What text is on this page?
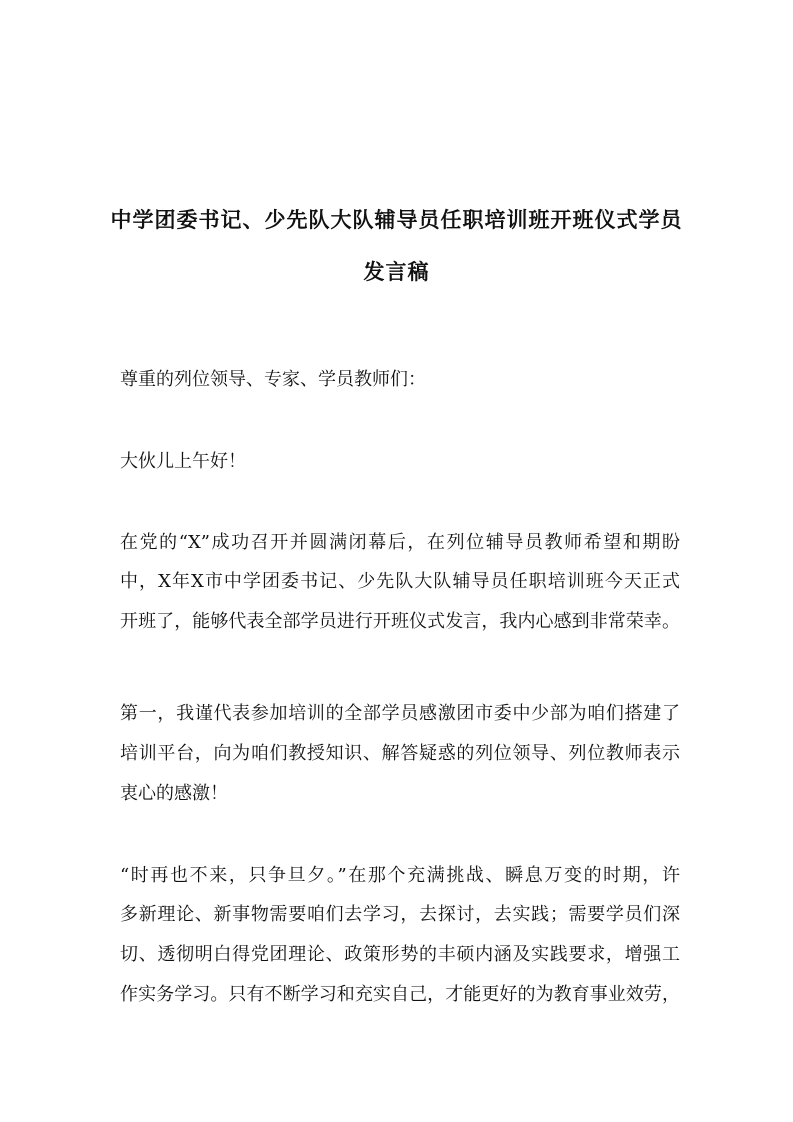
中学团委书记、少先队大队辅导员任职培训班开班仪式学员
发言稿
尊重的列位领导、专家、学员教师们：
大伙儿上午好！
在党的“X”成功召开并圆满闭幕后，在列位辅导员教师希望和期盼
中，X年X市中学团委书记、少先队大队辅导员任职培训班今天正式
开班了，能够代表全部学员进行开班仪式发言，我内心感到非常荣幸。
第一，我谨代表参加培训的全部学员感激团市委中少部为咱们搭建了
培训平台，向为咱们教授知识、解答疑惑的列位领导、列位教师表示
衷心的感激！
“时再也不来，只争旦夕。”在那个充满挑战、瞬息万变的时期，许
多新理论、新事物需要咱们去学习，去探讨，去实践；需要学员们深
切、透彻明白得党团理论、政策形势的丰硕内涵及实践要求，增强工
作实务学习。只有不断学习和充实自己，才能更好的为教育事业效劳，
